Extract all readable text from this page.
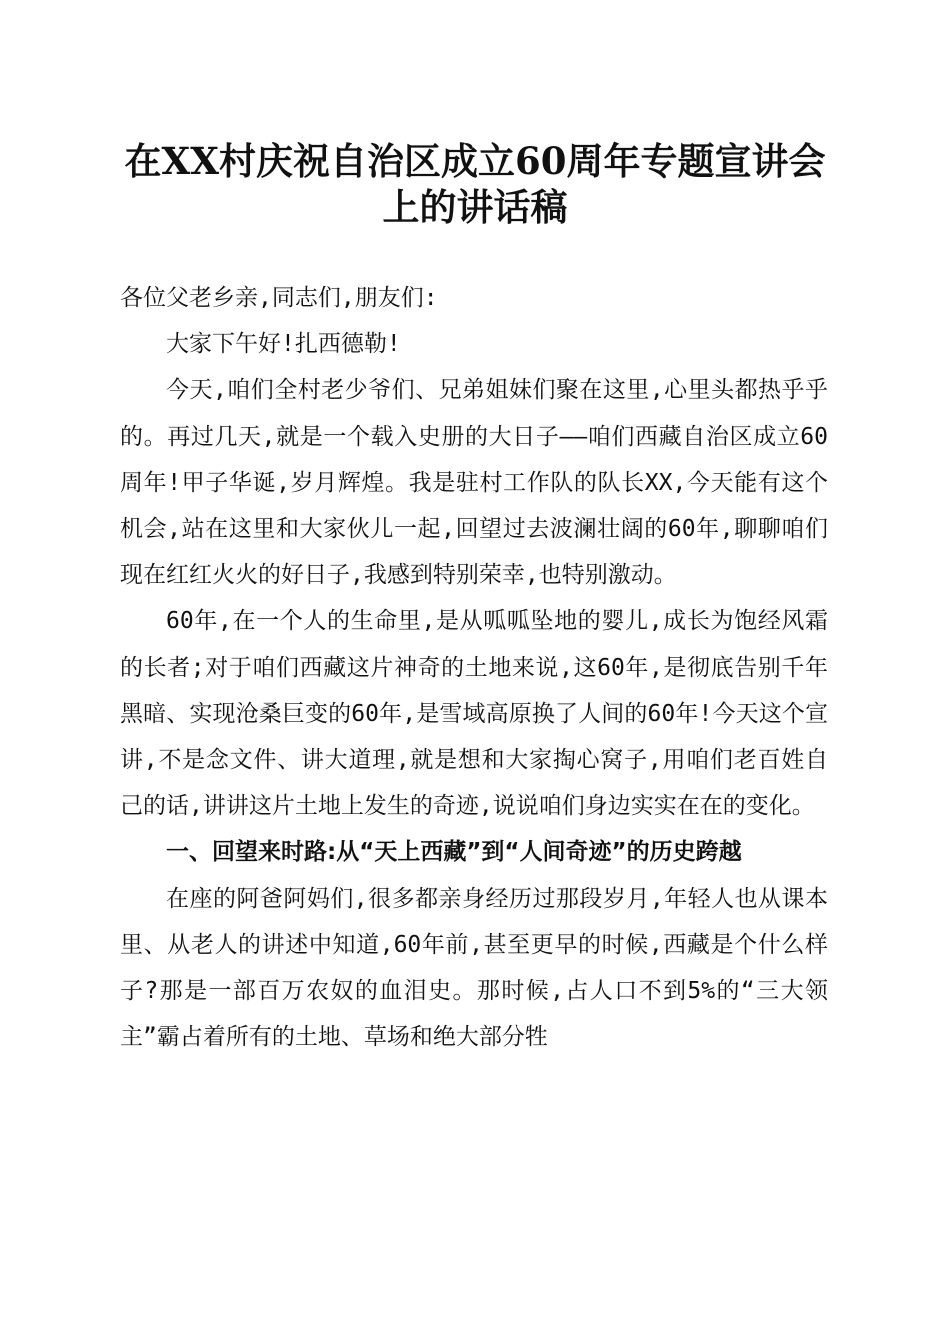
在XX村庆祝自治区成立60周年专题宣讲会
上的讲话稿

各位父老乡亲,同志们,朋友们:

大家下午好!扎西德勒!

今天,咱们全村老少爷们、兄弟姐妹们聚在这里,心里头都热乎乎的。再过几天,就是一个载入史册的大日子——咱们西藏自治区成立60周年!甲子华诞,岁月辉煌。我是驻村工作队的队长XX,今天能有这个机会,站在这里和大家伙儿一起,回望过去波澜壮阔的60年,聊聊咱们现在红红火火的好日子,我感到特别荣幸,也特别激动。

60年,在一个人的生命里,是从呱呱坠地的婴儿,成长为饱经风霜的长者;对于咱们西藏这片神奇的土地来说,这60年,是彻底告别千年黑暗、实现沧桑巨变的60年,是雪域高原换了人间的60年!今天这个宣讲,不是念文件、讲大道理,就是想和大家掏心窝子,用咱们老百姓自己的话,讲讲这片土地上发生的奇迹,说说咱们身边实实在在的变化。

一、回望来时路:从“天上西藏”到“人间奇迹”的历史跨越

在座的阿爸阿妈们,很多都亲身经历过那段岁月,年轻人也从课本里、从老人的讲述中知道,60年前,甚至更早的时候,西藏是个什么样子?那是一部百万农奴的血泪史。那时候,占人口不到5%的“三大领主”霸占着所有的土地、草场和绝大部分牲
